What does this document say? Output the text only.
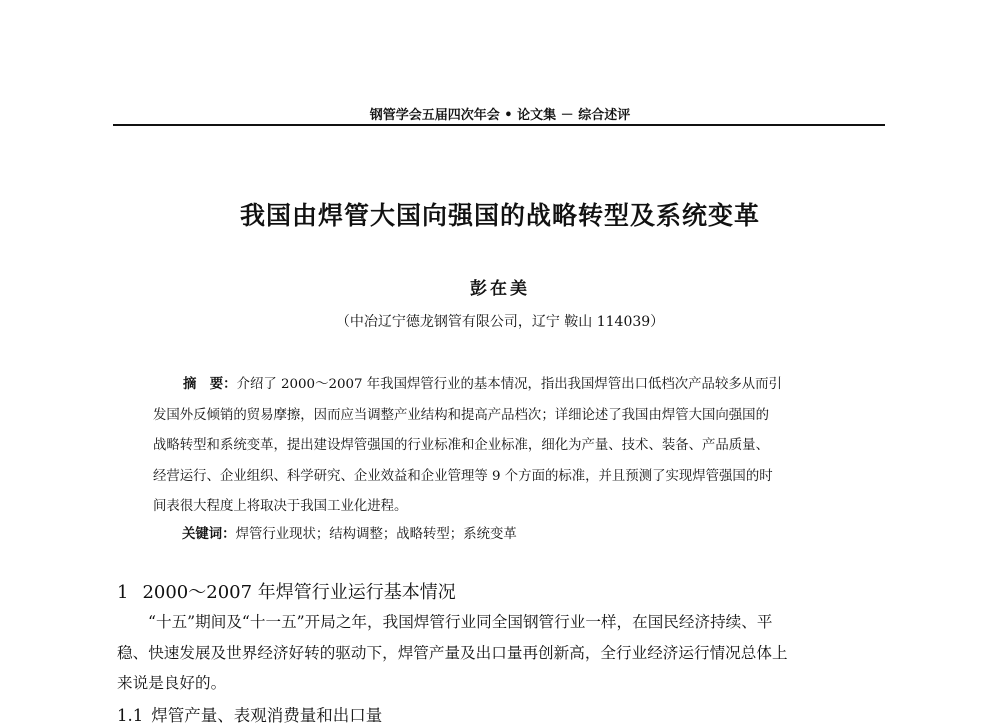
钢管学会五届四次年会 • 论文集 － 综合述评
我国由焊管大国向强国的战略转型及系统变革
彭在美
（中冶辽宁德龙钢管有限公司，辽宁 鞍山 114039）

摘　要：介绍了 2000～2007 年我国焊管行业的基本情况，指出我国焊管出口低档次产品较多从而引

发国外反倾销的贸易摩擦，因而应当调整产业结构和提高产品档次；详细论述了我国由焊管大国向强国的

战略转型和系统变革，提出建设焊管强国的行业标准和企业标准，细化为产量、技术、装备、产品质量、

经营运行、企业组织、科学研究、企业效益和企业管理等 9 个方面的标准，并且预测了实现焊管强国的时

间表很大程度上将取决于我国工业化进程。

关键词：焊管行业现状；结构调整；战略转型；系统变革
1 2000～2007 年焊管行业运行基本情况

“十五”期间及“十一五”开局之年，我国焊管行业同全国钢管行业一样，在国民经济持续、平

稳、快速发展及世界经济好转的驱动下，焊管产量及出口量再创新高，全行业经济运行情况总体上

来说是良好的。

1.1 焊管产量、表观消费量和出口量
